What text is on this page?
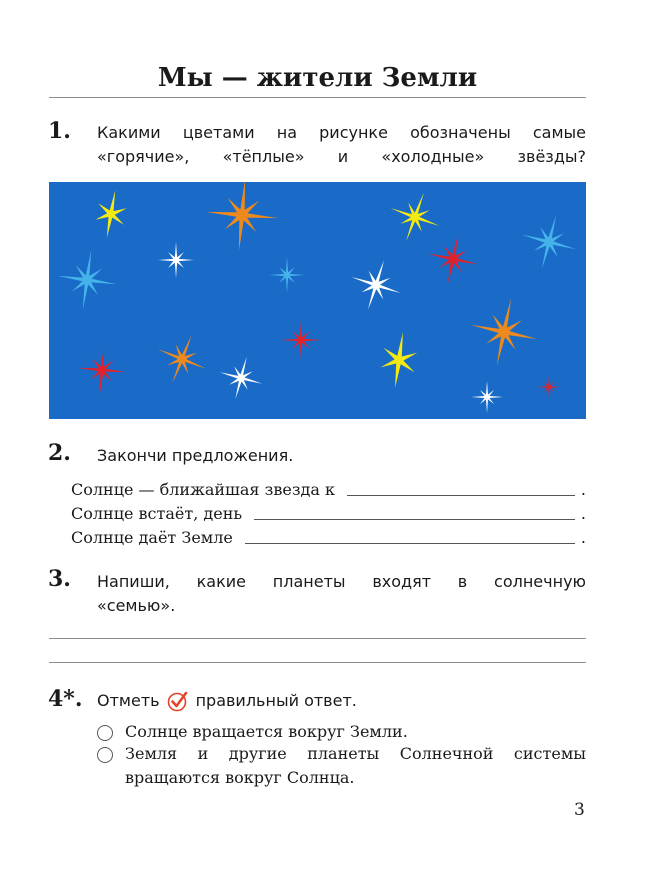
Мы — жители Земли
1. Какими цветами на рисунке обозначены самые
«горячие», «тёплые» и «холодные» звёзды?
2. Закончи предложения.
Солнце — ближайшая звезда к	.
Солнце встаёт, день	.
Солнце даёт Земле	.
3. Напиши, какие планеты входят в солнечную
«семью».
4*. Отметь правильный ответ.
Солнце вращается вокруг Земли.
Земля и другие планеты Солнечной системы
вращаются вокруг Солнца.
3
